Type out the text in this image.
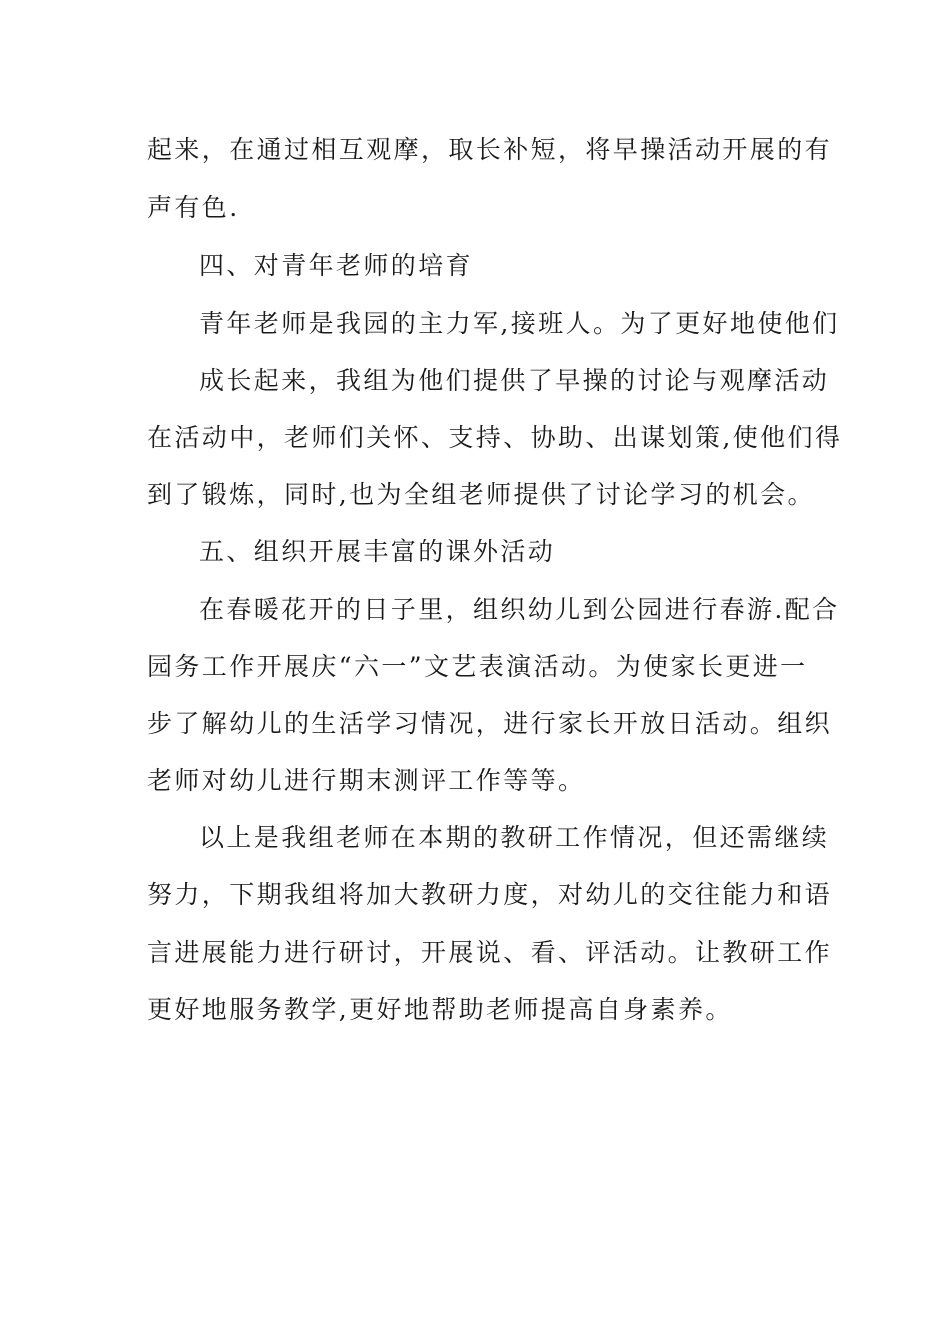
起来，在通过相互观摩，取长补短，将早操活动开展的有
声有色.
四、对青年老师的培育
青年老师是我园的主力军,接班人。为了更好地使他们
成长起来，我组为他们提供了早操的讨论与观摩活动
在活动中，老师们关怀、支持、协助、出谋划策,使他们得
到了锻炼，同时,也为全组老师提供了讨论学习的机会。
五、组织开展丰富的课外活动
在春暖花开的日子里，组织幼儿到公园进行春游.配合
园务工作开展庆“六一”文艺表演活动。为使家长更进一
步了解幼儿的生活学习情况，进行家长开放日活动。组织
老师对幼儿进行期末测评工作等等。
以上是我组老师在本期的教研工作情况，但还需继续
努力，下期我组将加大教研力度，对幼儿的交往能力和语
言进展能力进行研讨，开展说、看、评活动。让教研工作
更好地服务教学,更好地帮助老师提高自身素养。
